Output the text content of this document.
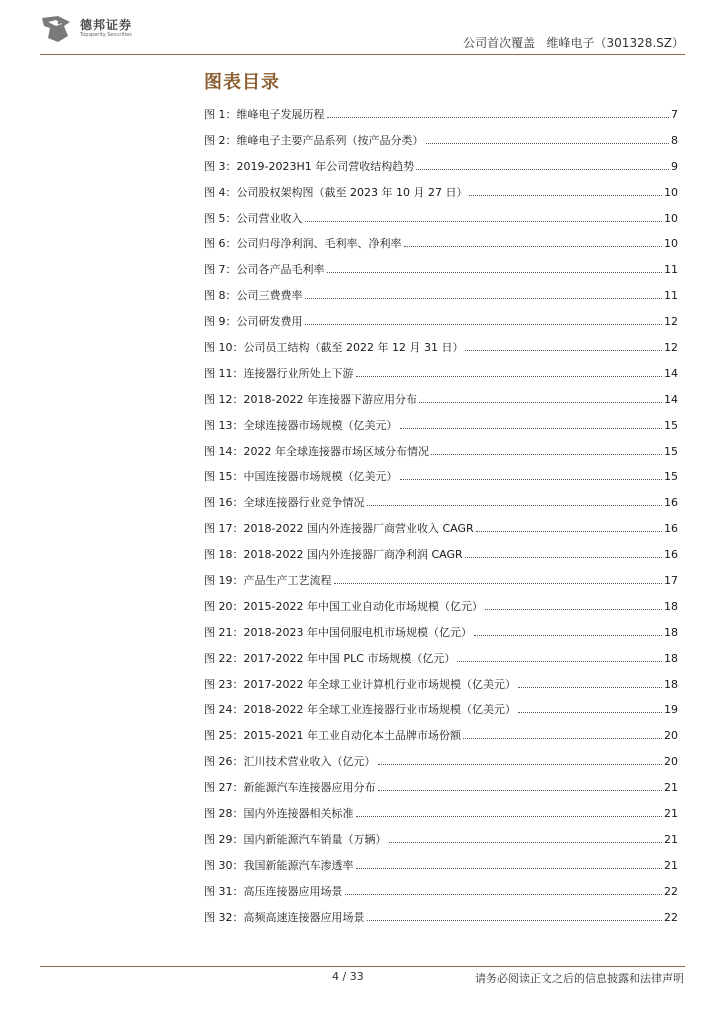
德邦证券
Topsperity Securities
公司首次覆盖   维峰电子（301328.SZ）
图表目录
图 1：维峰电子发展历程	7
图 2：维峰电子主要产品系列（按产品分类）	8
图 3：2019-2023H1 年公司营收结构趋势	9
图 4：公司股权架构图（截至 2023 年 10 月 27 日）	10
图 5：公司营业收入	10
图 6：公司归母净利润、毛利率、净利率	10
图 7：公司各产品毛利率	11
图 8：公司三费费率	11
图 9：公司研发费用	12
图 10：公司员工结构（截至 2022 年 12 月 31 日）	12
图 11：连接器行业所处上下游	14
图 12：2018-2022 年连接器下游应用分布	14
图 13：全球连接器市场规模（亿美元）	15
图 14：2022 年全球连接器市场区域分布情况	15
图 15：中国连接器市场规模（亿美元）	15
图 16：全球连接器行业竞争情况	16
图 17：2018-2022 国内外连接器厂商营业收入 CAGR	16
图 18：2018-2022 国内外连接器厂商净利润 CAGR	16
图 19：产品生产工艺流程	17
图 20：2015-2022 年中国工业自动化市场规模（亿元）	18
图 21：2018-2023 年中国伺服电机市场规模（亿元）	18
图 22：2017-2022 年中国 PLC 市场规模（亿元）	18
图 23：2017-2022 年全球工业计算机行业市场规模（亿美元）	18
图 24：2018-2022 年全球工业连接器行业市场规模（亿美元）	19
图 25：2015-2021 年工业自动化本土品牌市场份额	20
图 26：汇川技术营业收入（亿元）	20
图 27：新能源汽车连接器应用分布	21
图 28：国内外连接器相关标准	21
图 29：国内新能源汽车销量（万辆）	21
图 30：我国新能源汽车渗透率	21
图 31：高压连接器应用场景	22
图 32：高频高速连接器应用场景	22
4 / 33	请务必阅读正文之后的信息披露和法律声明
